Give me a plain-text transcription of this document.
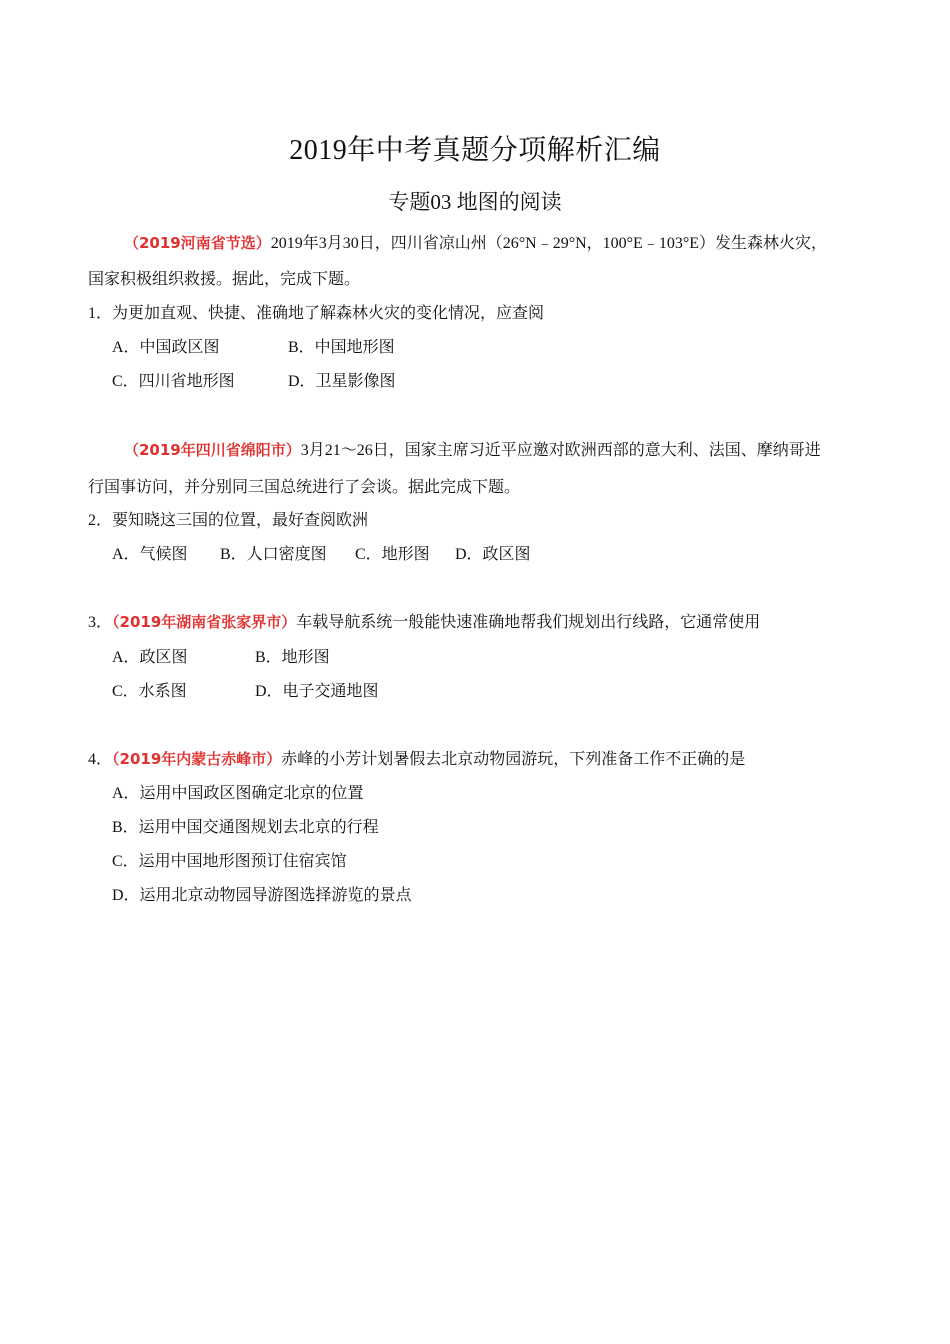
2019年中考真题分项解析汇编
专题03 地图的阅读
（2019河南省节选）2019年3月30日，四川省凉山州（26°N﹣29°N，100°E﹣103°E）发生森林火灾，
国家积极组织救援。据此，完成下题。
1．为更加直观、快捷、准确地了解森林火灾的变化情况，应查阅
A．中国政区图	B．中国地形图
C．四川省地形图	D．卫星影像图
（2019年四川省绵阳市）3月21～26日，国家主席习近平应邀对欧洲西部的意大利、法国、摩纳哥进
行国事访问，并分别同三国总统进行了会谈。据此完成下题。
2．要知晓这三国的位置，最好查阅欧洲
A．气候图 B．人口密度图 C．地形图 D．政区图
3．（2019年湖南省张家界市）车载导航系统一般能快速准确地帮我们规划出行线路，它通常使用
A．政区图	B．地形图
C．水系图	D．电子交通地图
4．（2019年内蒙古赤峰市）赤峰的小芳计划暑假去北京动物园游玩，下列准备工作不正确的是
A．运用中国政区图确定北京的位置
B．运用中国交通图规划去北京的行程
C．运用中国地形图预订住宿宾馆
D．运用北京动物园导游图选择游览的景点
